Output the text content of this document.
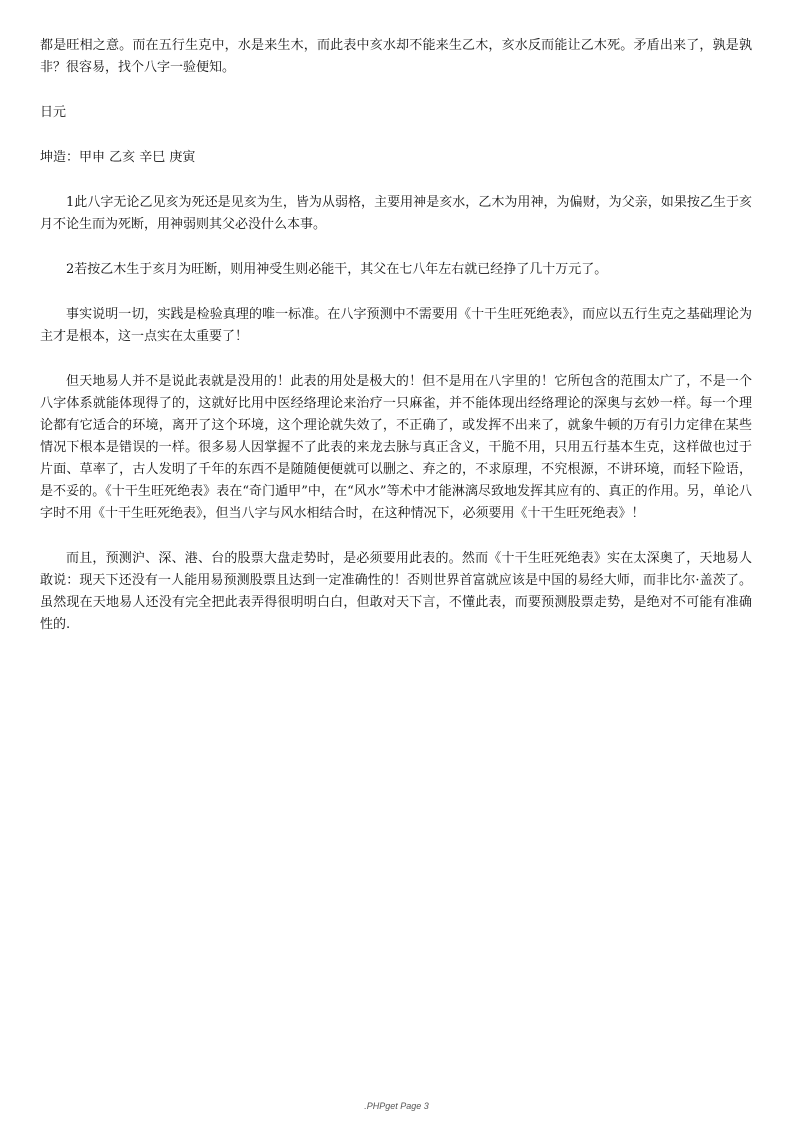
都是旺相之意。而在五行生克中，水是来生木，而此表中亥水却不能来生乙木，亥水反而能让乙木死。矛盾出来了，孰是孰非？很容易，找个八字一验便知。

日元

坤造：甲申 乙亥 辛巳 庚寅

1此八字无论乙见亥为死还是见亥为生，皆为从弱格，主要用神是亥水，乙木为用神，为偏财，为父亲，如果按乙生于亥月不论生而为死断，用神弱则其父必没什么本事。

2若按乙木生于亥月为旺断，则用神受生则必能干，其父在七八年左右就已经挣了几十万元了。

事实说明一切，实践是检验真理的唯一标准。在八字预测中不需要用《十干生旺死绝表》，而应以五行生克之基础理论为主才是根本，这一点实在太重要了！

但天地易人并不是说此表就是没用的！此表的用处是极大的！但不是用在八字里的！它所包含的范围太广了，不是一个八字体系就能体现得了的，这就好比用中医经络理论来治疗一只麻雀，并不能体现出经络理论的深奥与玄妙一样。每一个理论都有它适合的环境，离开了这个环境，这个理论就失效了，不正确了，或发挥不出来了，就象牛顿的万有引力定律在某些情况下根本是错误的一样。很多易人因掌握不了此表的来龙去脉与真正含义，干脆不用，只用五行基本生克，这样做也过于片面、草率了，古人发明了千年的东西不是随随便便就可以删之、弃之的，不求原理，不究根源，不讲环境，而轻下险语，是不妥的。《十干生旺死绝表》表在“奇门遁甲”中，在“风水”等术中才能淋漓尽致地发挥其应有的、真正的作用。另，单论八字时不用《十干生旺死绝表》，但当八字与风水相结合时，在这种情况下，必须要用《十干生旺死绝表》！

而且，预测沪、深、港、台的股票大盘走势时，是必须要用此表的。然而《十干生旺死绝表》实在太深奥了，天地易人敢说：现天下还没有一人能用易预测股票且达到一定准确性的！否则世界首富就应该是中国的易经大师，而非比尔·盖茨了。虽然现在天地易人还没有完全把此表弄得很明明白白，但敢对天下言，不懂此表，而要预测股票走势，是绝对不可能有准确性的.

.PHPget Page 3
